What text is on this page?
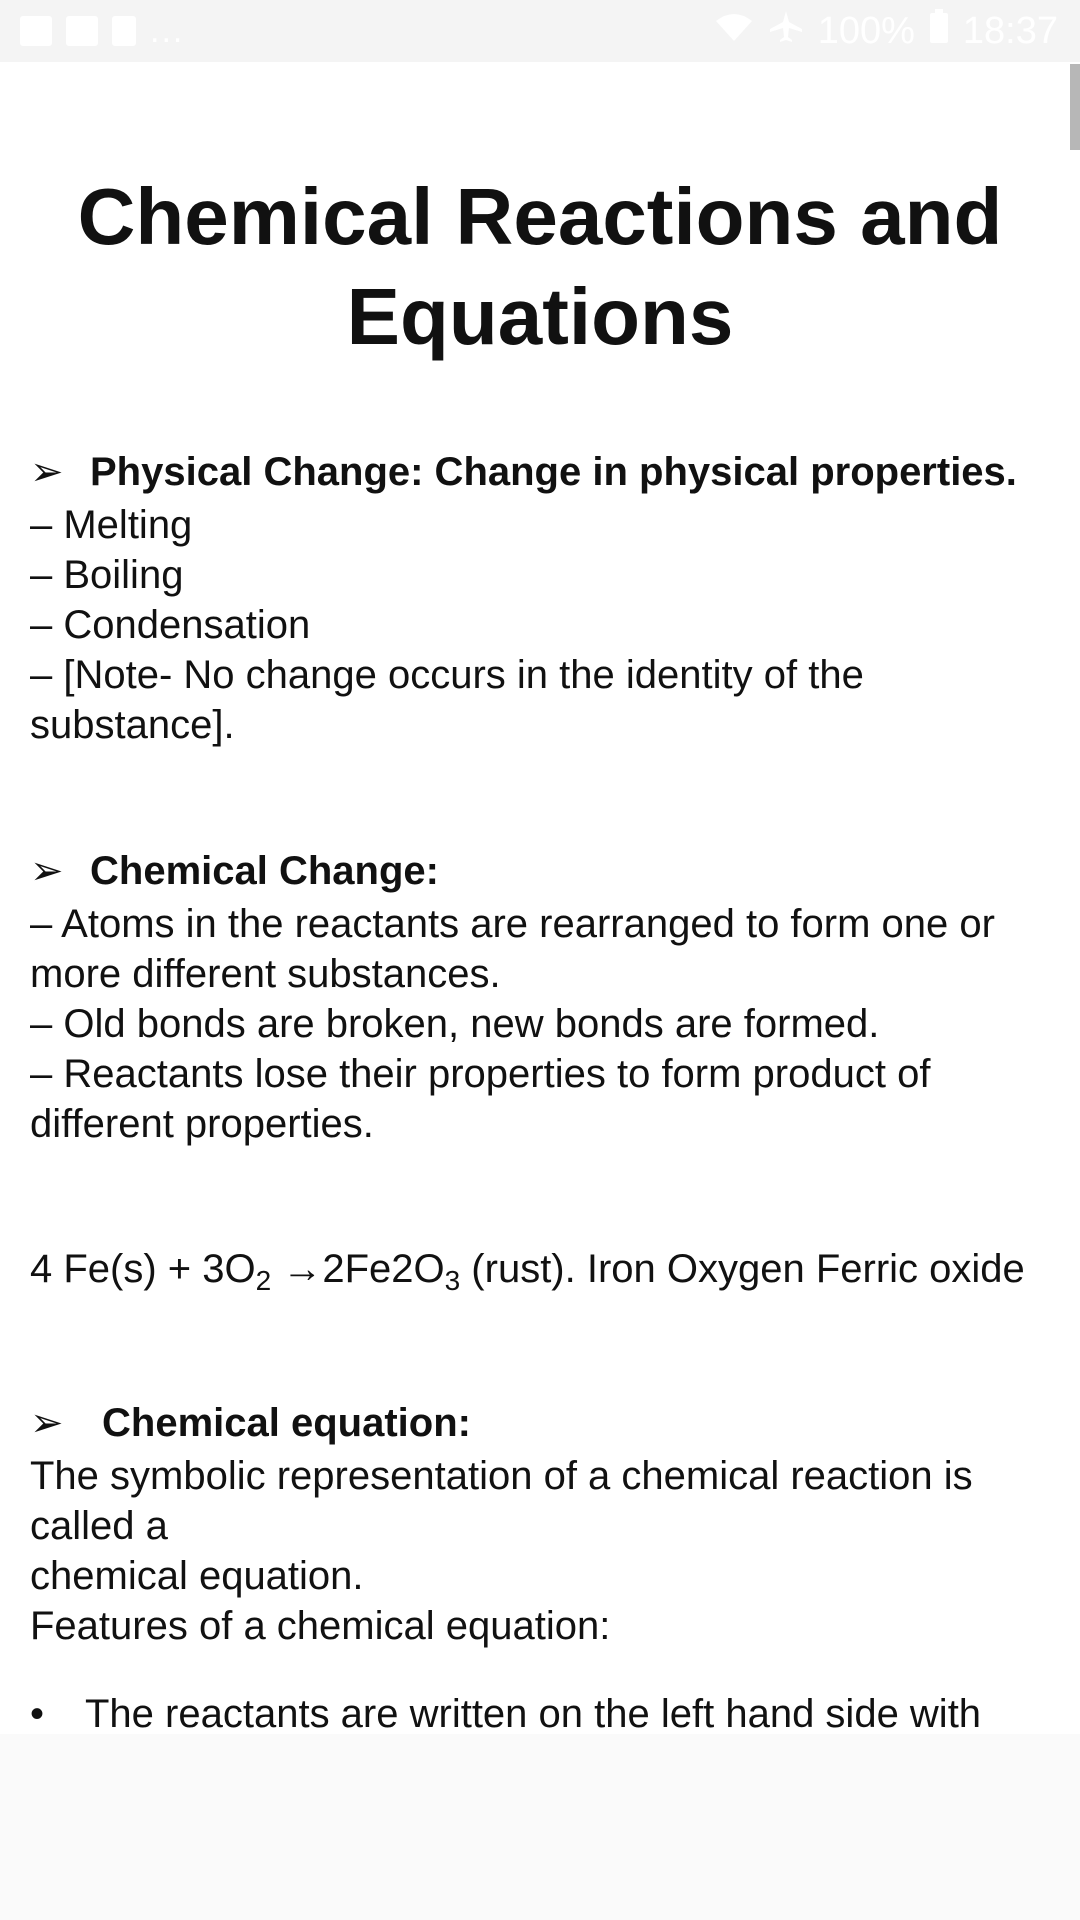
...	100% 18:37
Chemical Reactions and Equations
➢ Physical Change: Change in physical properties.
– Melting
– Boiling
– Condensation
– [Note- No change occurs in the identity of the
substance].
➢ Chemical Change:
– Atoms in the reactants are rearranged to form one or
more different substances.
– Old bonds are broken, new bonds are formed.
– Reactants lose their properties to form product of
different properties.
4 $Fe(s) + 3O_2 \to 2Fe2O_3$ (rust). Iron Oxygen Ferric oxide
➢ Chemical equation:
The symbolic representation of a chemical reaction is
called a
chemical equation.
Features of a chemical equation:
•	The reactants are written on the left hand side with
